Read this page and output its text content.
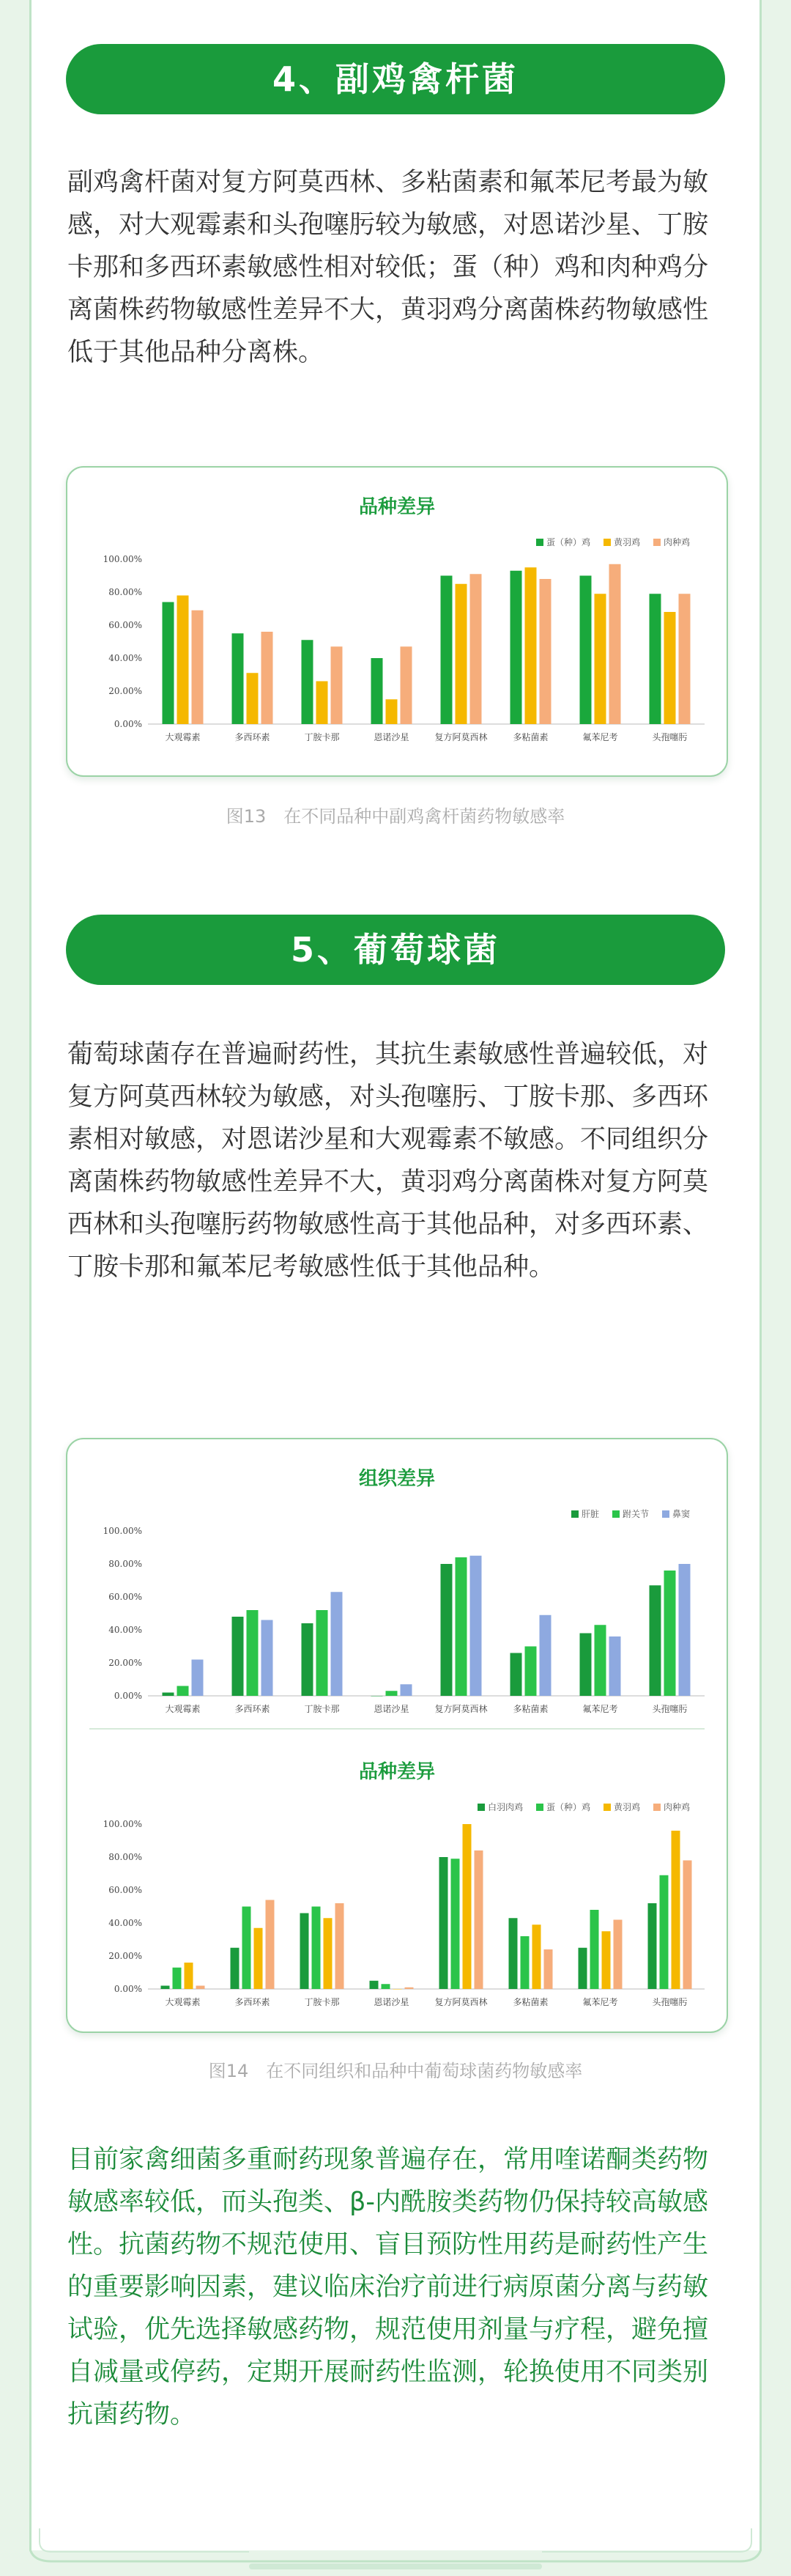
4、副鸡禽杆菌
副鸡禽杆菌对复方阿莫西林、多粘菌素和氟苯尼考最为敏感，对大观霉素和头孢噻肟较为敏感，对恩诺沙星、丁胺卡那和多西环素敏感性相对较低；蛋（种）鸡和肉种鸡分离菌株药物敏感性差异不大，黄羽鸡分离菌株药物敏感性低于其他品种分离株。
品种差异
肉种鸡
黄羽鸡
蛋（种）鸡
0.00%
20.00%
40.00%
60.00%
80.00%
100.00%
大观霉素	多西环素	丁胺卡那	恩诺沙星	复方阿莫西林	多粘菌素	氟苯尼考	头孢噻肟
图13　在不同品种中副鸡禽杆菌药物敏感率
5、葡萄球菌
葡萄球菌存在普遍耐药性，其抗生素敏感性普遍较低，对复方阿莫西林较为敏感，对头孢噻肟、丁胺卡那、多西环素相对敏感，对恩诺沙星和大观霉素不敏感。不同组织分离菌株药物敏感性差异不大，黄羽鸡分离菌株对复方阿莫西林和头孢噻肟药物敏感性高于其他品种，对多西环素、丁胺卡那和氟苯尼考敏感性低于其他品种。
组织差异
鼻窦
跗关节
肝脏
0.00%
20.00%
40.00%
60.00%
80.00%
100.00%
大观霉素	多西环素	丁胺卡那	恩诺沙星	复方阿莫西林	多粘菌素	氟苯尼考	头孢噻肟
品种差异
肉种鸡
黄羽鸡
蛋（种）鸡
白羽肉鸡
0.00%
20.00%
40.00%
60.00%
80.00%
100.00%
大观霉素	多西环素	丁胺卡那	恩诺沙星	复方阿莫西林	多粘菌素	氟苯尼考	头孢噻肟
图14　在不同组织和品种中葡萄球菌药物敏感率
目前家禽细菌多重耐药现象普遍存在，常用喹诺酮类药物敏感率较低，而头孢类、β-内酰胺类药物仍保持较高敏感性。抗菌药物不规范使用、盲目预防性用药是耐药性产生的重要影响因素，建议临床治疗前进行病原菌分离与药敏试验，优先选择敏感药物，规范使用剂量与疗程，避免擅自减量或停药，定期开展耐药性监测，轮换使用不同类别抗菌药物。
